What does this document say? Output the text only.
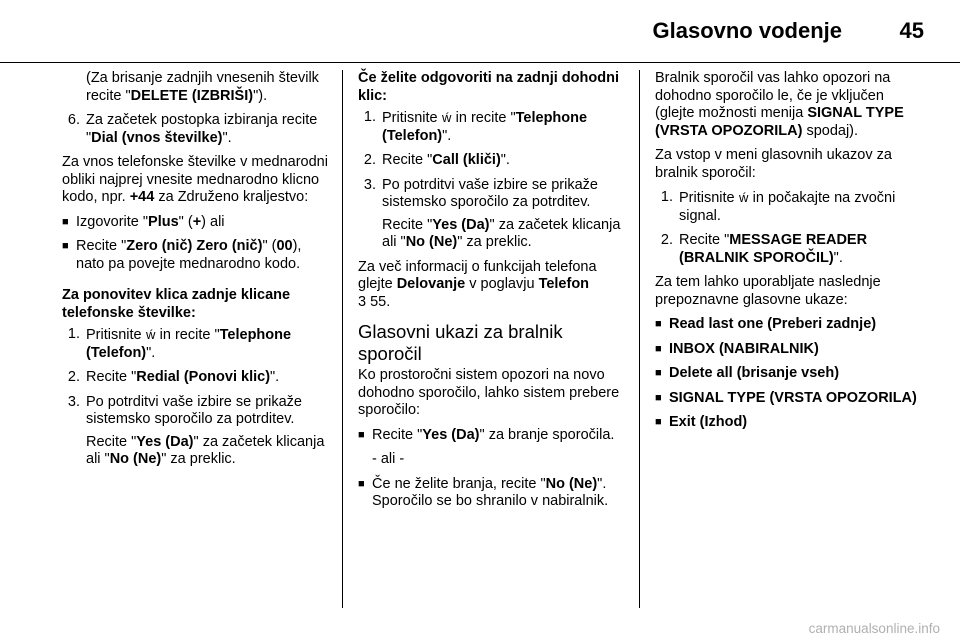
Glasovno vodenje	45

(Za brisanje zadnjih vnesenih številk recite "DELETE (IZBRIŠI)").

6. Za začetek postopka izbiranja recite "Dial (vnos številke)".

Za vnos telefonske številke v mednarodni obliki najprej vnesite mednarodno klicno kodo, npr. +44 za Združeno kraljestvo:

■ Izgovorite "Plus" (+) ali
■ Recite "Zero (nič) Zero (nič)" (00), nato pa povejte mednarodno kodo.

Za ponovitev klica zadnje klicane telefonske številke:

1. Pritisnite ẃ in recite "Telephone (Telefon)".
2. Recite "Redial (Ponovi klic)".
3. Po potrditvi vaše izbire se prikaže sistemsko sporočilo za potrditev.

Recite "Yes (Da)" za začetek klicanja ali "No (Ne)" za preklic.

Če želite odgovoriti na zadnji dohodni klic:

1. Pritisnite ẃ in recite "Telephone (Telefon)".
2. Recite "Call (kliči)".
3. Po potrditvi vaše izbire se prikaže sistemsko sporočilo za potrditev.

Recite "Yes (Da)" za začetek klicanja ali "No (Ne)" za preklic.

Za več informacij o funkcijah telefona glejte Delovanje v poglavju Telefon
3 55.

Glasovni ukazi za bralnik sporočil

Ko prostoročni sistem opozori na novo dohodno sporočilo, lahko sistem prebere sporočilo:

■ Recite "Yes (Da)" za branje sporočila.

- ali -

■ Če ne želite branja, recite "No (Ne)". Sporočilo se bo shranilo v nabiralnik.

Bralnik sporočil vas lahko opozori na dohodno sporočilo le, če je vključen (glejte možnosti menija SIGNAL TYPE (VRSTA OPOZORILA) spodaj).

Za vstop v meni glasovnih ukazov za bralnik sporočil:

1. Pritisnite ẃ in počakajte na zvočni signal.
2. Recite "MESSAGE READER (BRALNIK SPOROČIL)".

Za tem lahko uporabljate naslednje prepoznavne glasovne ukaze:

■ Read last one (Preberi zadnje)
■ INBOX (NABIRALNIK)
■ Delete all (brisanje vseh)
■ SIGNAL TYPE (VRSTA OPOZORILA)
■ Exit (Izhod)
carmanualsonline.info
